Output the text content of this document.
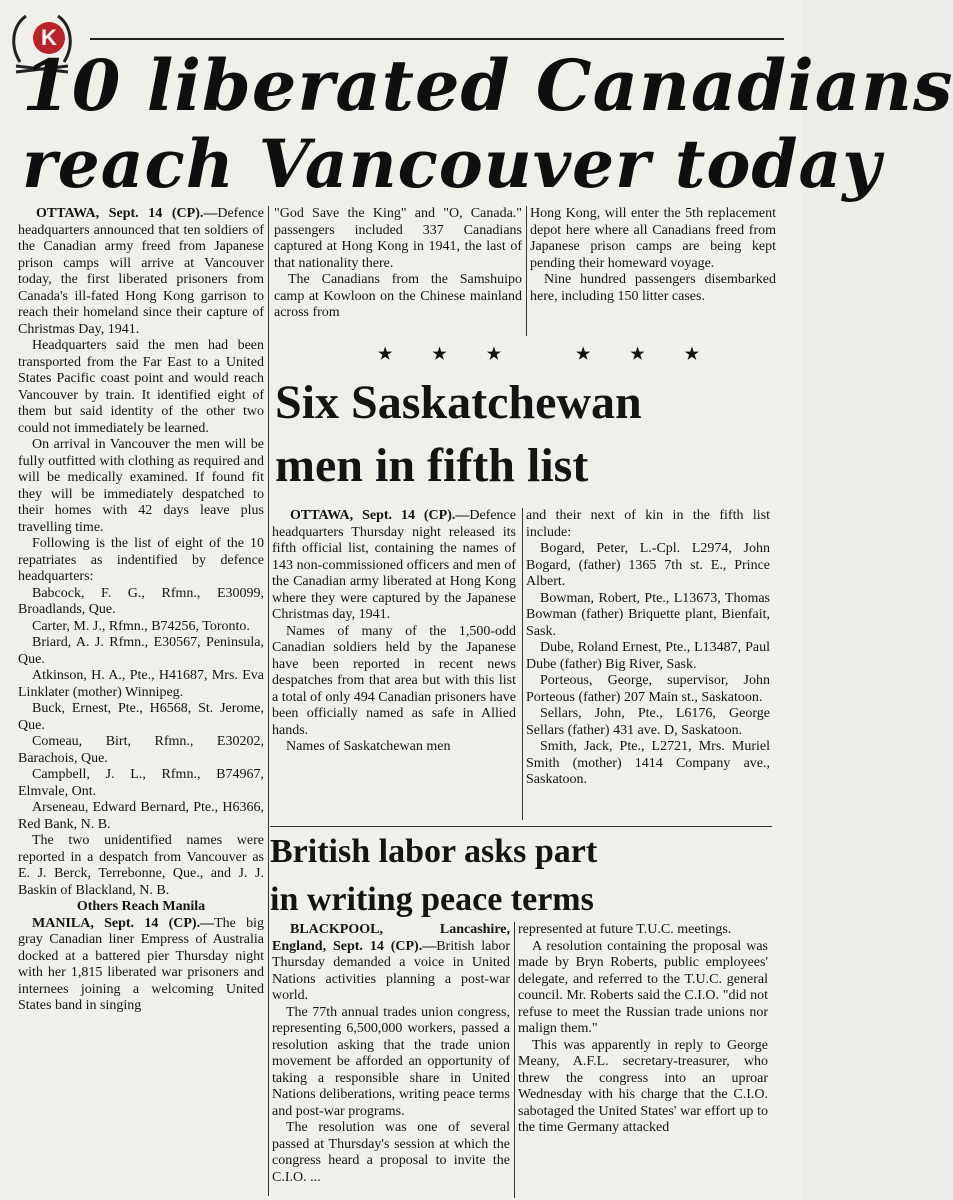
K
10 liberated Canadians
reach Vancouver today

OTTAWA, Sept. 14 (CP).—Defence headquarters announced that ten soldiers of the Canadian army freed from Japanese prison camps will arrive at Vancouver today, the first liberated prisoners from Canada's ill-fated Hong Kong garrison to reach their homeland since their capture of Christmas Day, 1941.

Headquarters said the men had been transported from the Far East to a United States Pacific coast point and would reach Vancouver by train. It identified eight of them but said identity of the other two could not immediately be learned.

On arrival in Vancouver the men will be fully outfitted with clothing as required and will be medically examined. If found fit they will be immediately despatched to their homes with 42 days leave plus travelling time.

Following is the list of eight of the 10 repatriates as indentified by defence headquarters:

Babcock, F. G., Rfmn., E30099, Broadlands, Que.

Carter, M. J., Rfmn., B74256, Toronto.

Briard, A. J. Rfmn., E30567, Peninsula, Que.

Atkinson, H. A., Pte., H41687, Mrs. Eva Linklater (mother) Winnipeg.

Buck, Ernest, Pte., H6568, St. Jerome, Que.

Comeau, Birt, Rfmn., E30202, Barachois, Que.

Campbell, J. L., Rfmn., B74967, Elmvale, Ont.

Arseneau, Edward Bernard, Pte., H6366, Red Bank, N. B.

The two unidentified names were reported in a despatch from Vancouver as E. J. Berck, Terrebonne, Que., and J. J. Baskin of Blackland, N. B.

Others Reach Manila

MANILA, Sept. 14 (CP).—The big gray Canadian liner Empress of Australia docked at a battered pier Thursday night with her 1,815 liberated war prisoners and internees joining a welcoming United States band in singing

"God Save the King" and "O, Canada." passengers included 337 Canadians captured at Hong Kong in 1941, the last of that nationality there.

The Canadians from the Samshuipo camp at Kowloon on the Chinese mainland across from

Hong Kong, will enter the 5th replacement depot here where all Canadians freed from Japanese prison camps are being kept pending their homeward voyage.

Nine hundred passengers disembarked here, including 150 litter cases.

★ ★ ★	★ ★ ★
Six Saskatchewan
men in fifth list

OTTAWA, Sept. 14 (CP).—Defence headquarters Thursday night released its fifth official list, containing the names of 143 non-commissioned officers and men of the Canadian army liberated at Hong Kong where they were captured by the Japanese Christmas day, 1941.

Names of many of the 1,500-odd Canadian soldiers held by the Japanese have been reported in recent news despatches from that area but with this list a total of only 494 Canadian prisoners have been officially named as safe in Allied hands.

Names of Saskatchewan men

and their next of kin in the fifth list include:

Bogard, Peter, L.-Cpl. L2974, John Bogard, (father) 1365 7th st. E., Prince Albert.

Bowman, Robert, Pte., L13673, Thomas Bowman (father) Briquette plant, Bienfait, Sask.

Dube, Roland Ernest, Pte., L13487, Paul Dube (father) Big River, Sask.

Porteous, George, supervisor, John Porteous (father) 207 Main st., Saskatoon.

Sellars, John, Pte., L6176, George Sellars (father) 431 ave. D, Saskatoon.

Smith, Jack, Pte., L2721, Mrs. Muriel Smith (mother) 1414 Company ave., Saskatoon.

British labor asks part
in writing peace terms

BLACKPOOL, Lancashire, England, Sept. 14 (CP).—British labor Thursday demanded a voice in United Nations activities planning a post-war world.

The 77th annual trades union congress, representing 6,500,000 workers, passed a resolution asking that the trade union movement be afforded an opportunity of taking a responsible share in United Nations deliberations, writing peace terms and post-war programs.

The resolution was one of several passed at Thursday's session at which the congress heard a proposal to invite the C.I.O. ...

represented at future T.U.C. meetings.

A resolution containing the proposal was made by Bryn Roberts, public employees' delegate, and referred to the T.U.C. general council. Mr. Roberts said the C.I.O. "did not refuse to meet the Russian trade unions nor malign them."

This was apparently in reply to George Meany, A.F.L. secretary-treasurer, who threw the congress into an uproar Wednesday with his charge that the C.I.O. sabotaged the United States' war effort up to the time Germany attacked
